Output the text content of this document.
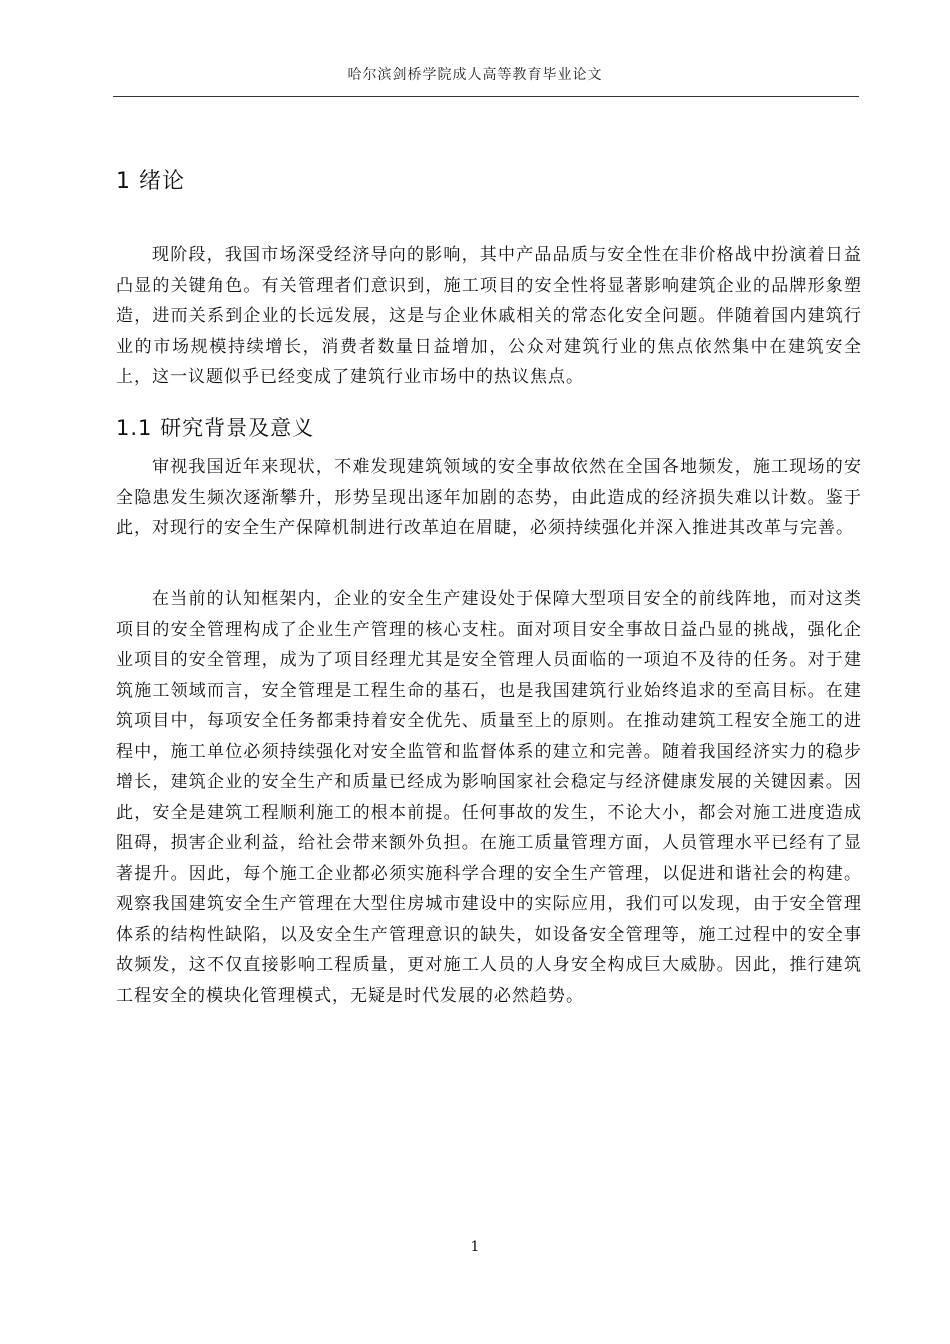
哈尔滨剑桥学院成人高等教育毕业论文
1 绪论

现阶段，我国市场深受经济导向的影响，其中产品品质与安全性在非价格战中扮演着日益凸显的关键角色。有关管理者们意识到，施工项目的安全性将显著影响建筑企业的品牌形象塑造，进而关系到企业的长远发展，这是与企业休戚相关的常态化安全问题。伴随着国内建筑行业的市场规模持续增长，消费者数量日益增加，公众对建筑行业的焦点依然集中在建筑安全上，这一议题似乎已经变成了建筑行业市场中的热议焦点。

1.1 研究背景及意义

审视我国近年来现状，不难发现建筑领域的安全事故依然在全国各地频发，施工现场的安全隐患发生频次逐渐攀升，形势呈现出逐年加剧的态势，由此造成的经济损失难以计数。鉴于此，对现行的安全生产保障机制进行改革迫在眉睫，必须持续强化并深入推进其改革与完善。

在当前的认知框架内，企业的安全生产建设处于保障大型项目安全的前线阵地，而对这类项目的安全管理构成了企业生产管理的核心支柱。面对项目安全事故日益凸显的挑战，强化企业项目的安全管理，成为了项目经理尤其是安全管理人员面临的一项迫不及待的任务。对于建筑施工领域而言，安全管理是工程生命的基石，也是我国建筑行业始终追求的至高目标。在建筑项目中，每项安全任务都秉持着安全优先、质量至上的原则。在推动建筑工程安全施工的进程中，施工单位必须持续强化对安全监管和监督体系的建立和完善。随着我国经济实力的稳步增长，建筑企业的安全生产和质量已经成为影响国家社会稳定与经济健康发展的关键因素。因此，安全是建筑工程顺利施工的根本前提。任何事故的发生，不论大小，都会对施工进度造成阻碍，损害企业利益，给社会带来额外负担。在施工质量管理方面，人员管理水平已经有了显著提升。因此，每个施工企业都必须实施科学合理的安全生产管理，以促进和谐社会的构建。观察我国建筑安全生产管理在大型住房城市建设中的实际应用，我们可以发现，由于安全管理体系的结构性缺陷，以及安全生产管理意识的缺失，如设备安全管理等，施工过程中的安全事故频发，这不仅直接影响工程质量，更对施工人员的人身安全构成巨大威胁。因此，推行建筑工程安全的模块化管理模式，无疑是时代发展的必然趋势。

1
